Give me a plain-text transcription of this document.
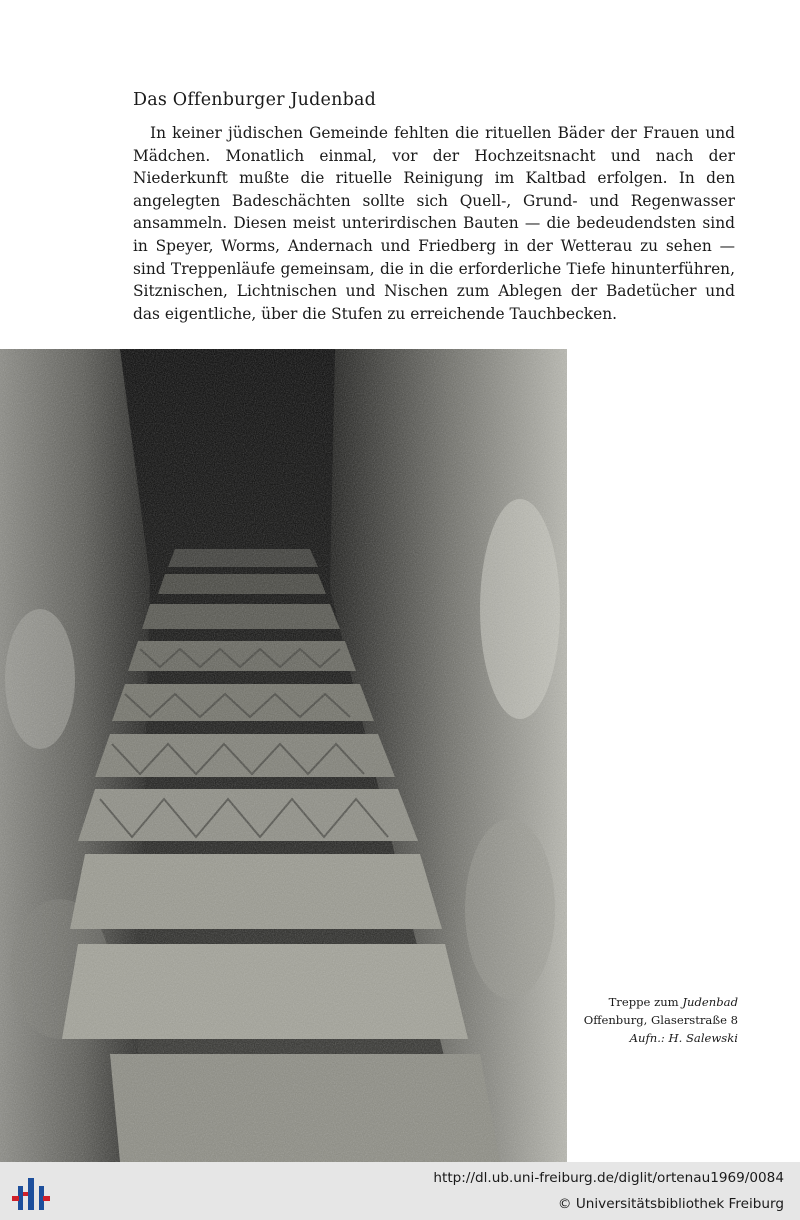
Das Offenburger Judenbad

In keiner jüdischen Gemeinde fehlten die rituellen Bäder der Frauen und Mädchen. Monatlich einmal, vor der Hochzeitsnacht und nach der Niederkunft mußte die rituelle Reinigung im Kaltbad erfolgen. In den angelegten Badeschächten sollte sich Quell-, Grund- und Regenwasser ansammeln. Diesen meist unterirdischen Bauten — die bedeudendsten sind in Speyer, Worms, Andernach und Friedberg in der Wetterau zu sehen — sind Treppenläufe gemeinsam, die in die erforderliche Tiefe hinunterführen, Sitznischen, Lichtnischen und Nischen zum Ablegen der Badetücher und das eigentliche, über die Stufen zu erreichende Tauchbecken.

Treppe zum Judenbad
Offenburg, Glaserstraße 8
Aufn.: H. Salewski
http://dl.ub.uni-freiburg.de/diglit/ortenau1969/0084
© Universitätsbibliothek Freiburg
